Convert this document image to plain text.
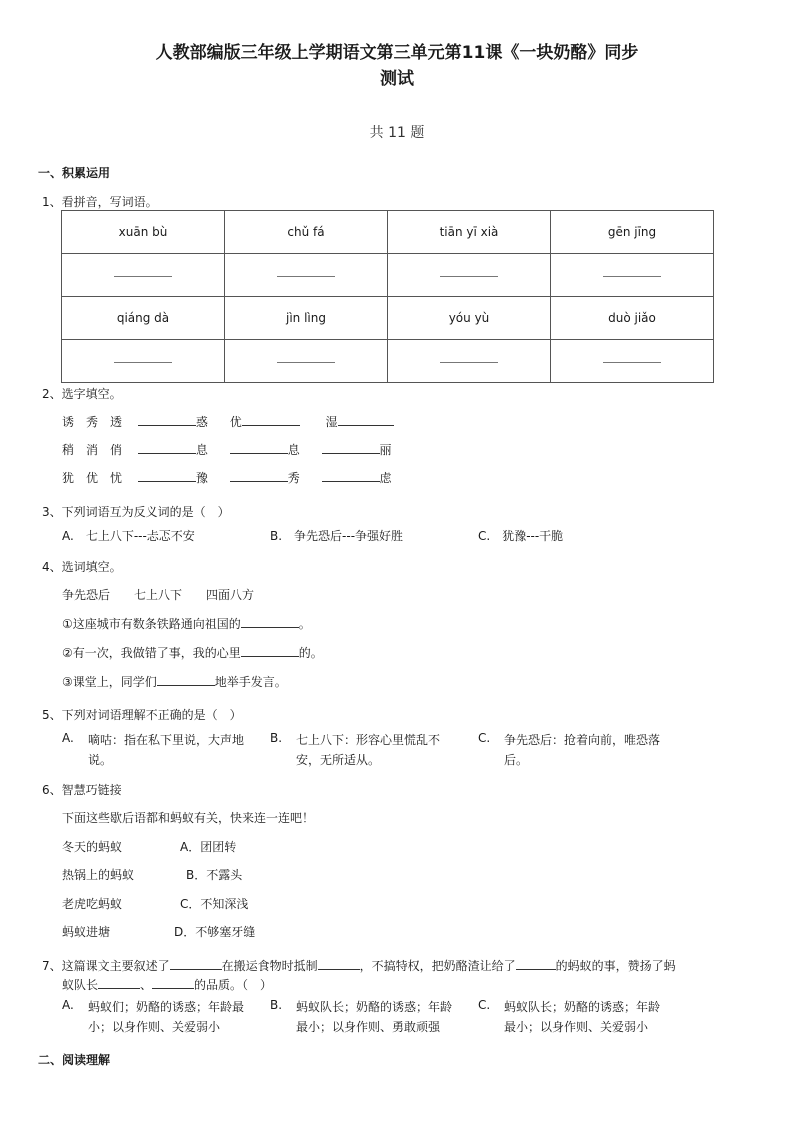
人教部编版三年级上学期语文第三单元第11课《一块奶酪》同步
测试
共 11 题
一、积累运用
1、看拼音，写词语。
xuān bù	chǔ fá	tiān yī xià	gēn jīng

qiáng dà	jìn lìng	yóu yù	duò jiǎo

2、选字填空。
诱　秀　透	惑 优	湿
稍　消　俏	息	息	丽
犹　优　忧	豫	秀	虑
3、下列词语互为反义词的是（　）
A.　七上八下---忐忑不安	B.　争先恐后---争强好胜	C.　犹豫---干脆
4、选词填空。
争先恐后　　七上八下　　四面八方
①这座城市有数条铁路通向祖国的	。
②有一次，我做错了事，我的心里	的。
③课堂上，同学们	地举手发言。
5、下列对词语理解不正确的是（　）
A. 嘀咕：指在私下里说，大声地
说。
B. 七上八下：形容心里慌乱不
安，无所适从。
C. 争先恐后：抢着向前，唯恐落
后。
6、智慧巧链接
下面这些歇后语都和蚂蚁有关，快来连一连吧！
冬天的蚂蚁	A．团团转
热锅上的蚂蚁	B．不露头
老虎吃蚂蚁	C．不知深浅
蚂蚁进塘	D．不够塞牙缝
7、这篇课文主要叙述了	在搬运食物时抵制	，不搞特权，把奶酪渣让给了	的蚂蚁的事，赞扬了蚂
蚁队长	、	的品质。（　）
A. 蚂蚁们；奶酪的诱惑；年龄最
小；以身作则、关爱弱小
B. 蚂蚁队长；奶酪的诱惑；年龄
最小；以身作则、勇敢顽强
C. 蚂蚁队长；奶酪的诱惑；年龄
最小；以身作则、关爱弱小
二、阅读理解
